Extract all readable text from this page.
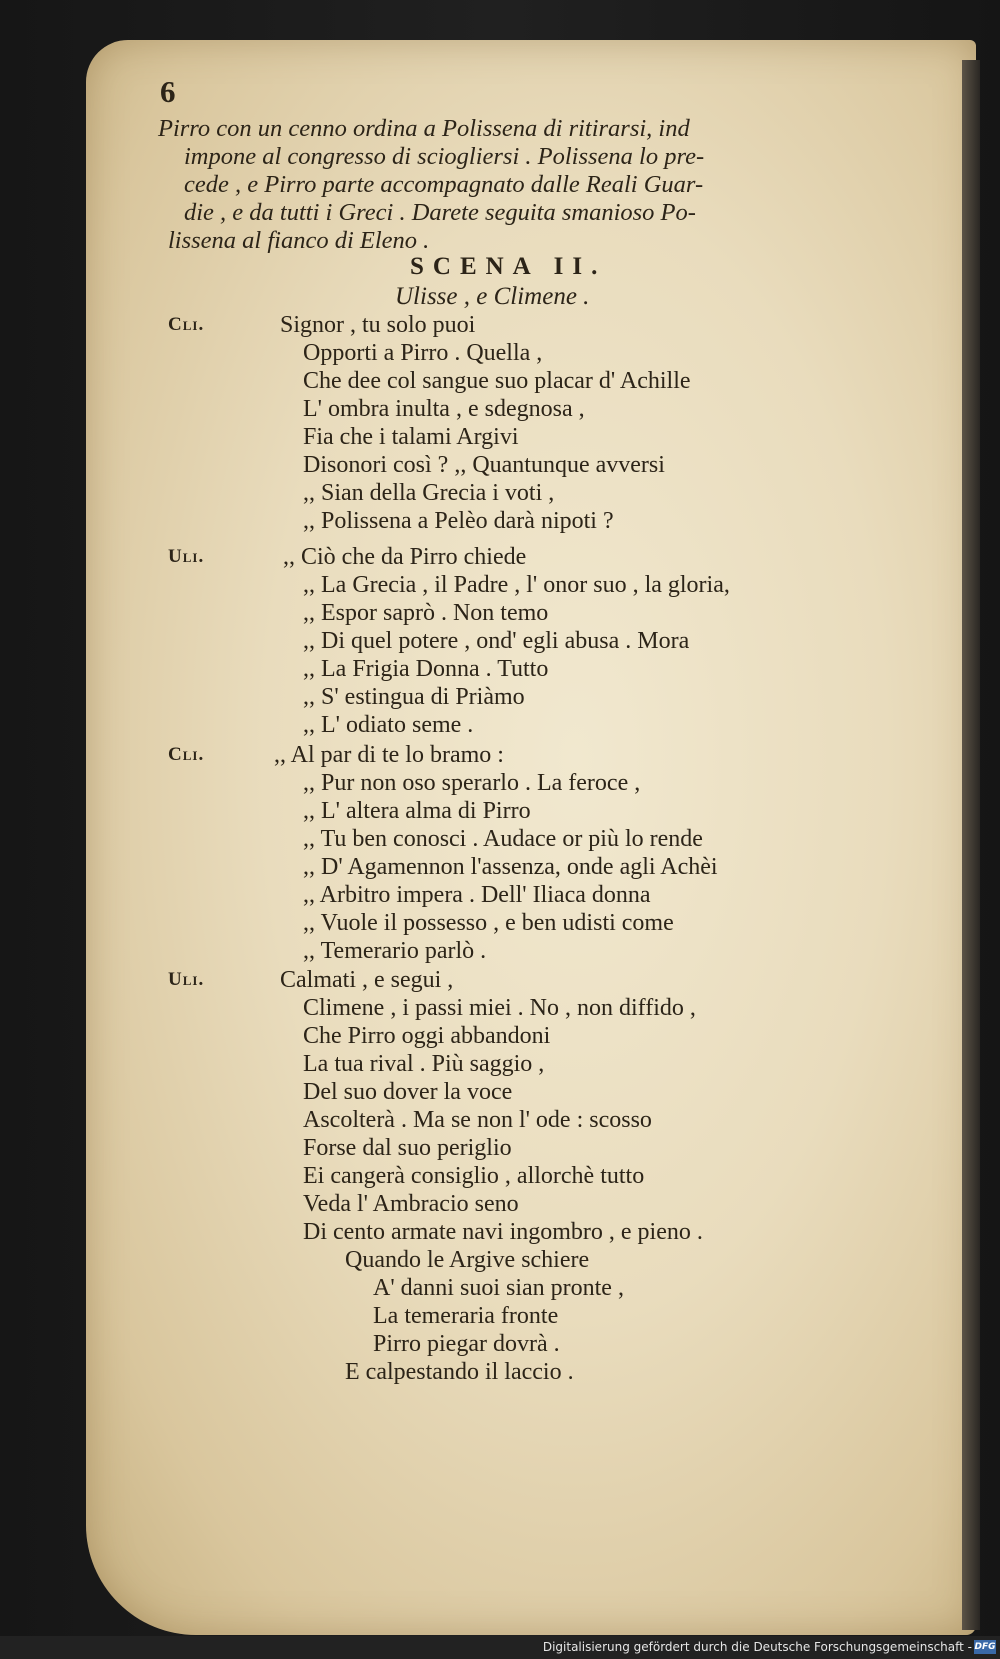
6

Pirro con un cenno ordina a Polissena di ritirarsi, ind
impone al congresso di sciogliersi . Polissena lo pre-
cede , e Pirro parte accompagnato dalle Reali Guar-
die , e da tutti i Greci . Darete seguita smanioso Po-
lissena al fianco di Eleno .

SCENA II.
Ulisse , e Climene .
Cli.	Signor , tu solo puoi
Opporti a Pirro . Quella ,
Che dee col sangue suo placar d' Achille
L' ombra inulta , e sdegnosa ,
Fia che i talami Argivi
Disonori così ? ,, Quantunque avversi
,, Sian della Grecia i voti ,
,, Polissena a Pelèo darà nipoti ?
Uli.	,, Ciò che da Pirro chiede
,, La Grecia , il Padre , l' onor suo , la gloria,
,, Espor saprò . Non temo
,, Di quel potere , ond' egli abusa . Mora
,, La Frigia Donna . Tutto
,, S' estingua di Priàmo
,, L' odiato seme .
Cli.	,, Al par di te lo bramo :
,, Pur non oso sperarlo . La feroce ,
,, L' altera alma di Pirro
,, Tu ben conosci . Audace or più lo rende
,, D' Agamennon l'assenza, onde agli Achèi
,, Arbitro impera . Dell' Iliaca donna
,, Vuole il possesso , e ben udisti come
,, Temerario parlò .
Uli.	Calmati , e segui ,
Climene , i passi miei . No , non diffido ,
Che Pirro oggi abbandoni
La tua rival . Più saggio ,
Del suo dover la voce
Ascolterà . Ma se non l' ode : scosso
Forse dal suo periglio
Ei cangerà consiglio , allorchè tutto
Veda l' Ambracio seno
Di cento armate navi ingombro , e pieno .
Quando le Argive schiere
A' danni suoi sian pronte ,
La temeraria fronte
Pirro piegar dovrà .
E calpestando il laccio .
Digitalisierung gefördert durch die Deutsche Forschungsgemeinschaft - DFG
